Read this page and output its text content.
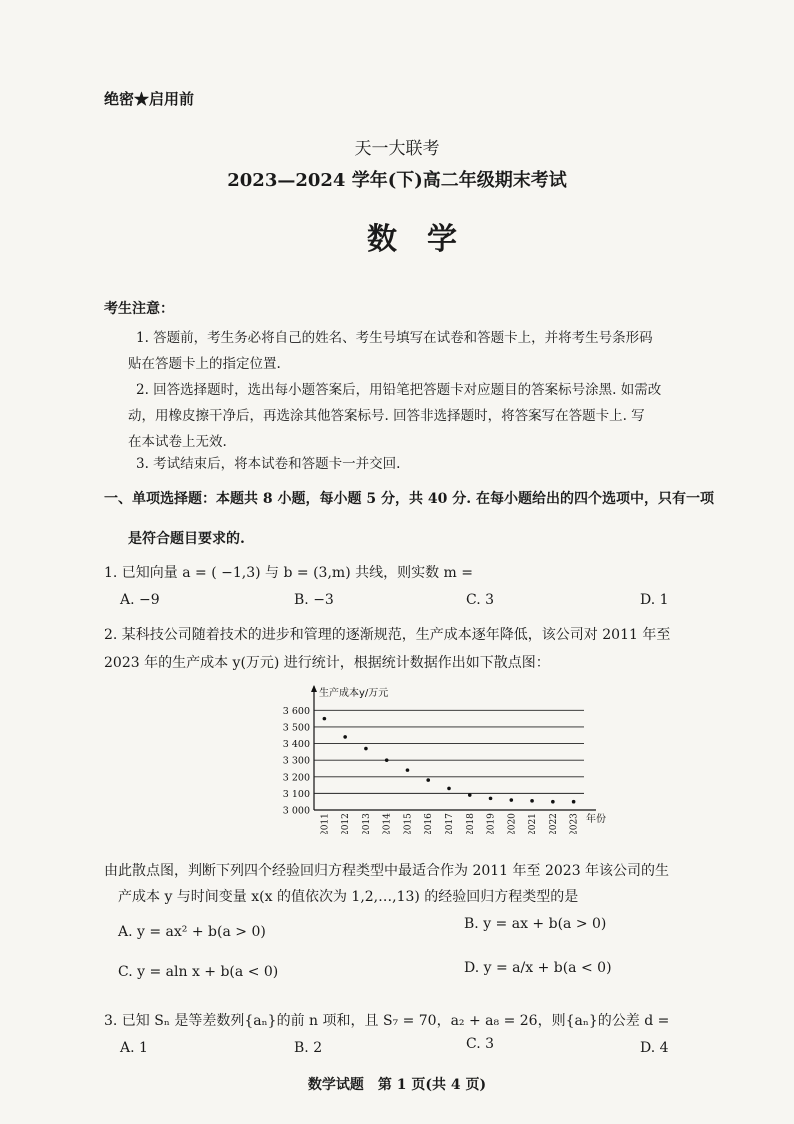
绝密★启用前
天一大联考
2023—2024 学年(下)高二年级期末考试
数学
考生注意：
1. 答题前，考生务必将自己的姓名、考生号填写在试卷和答题卡上，并将考生号条形码
贴在答题卡上的指定位置.
2. 回答选择题时，选出每小题答案后，用铅笔把答题卡对应题目的答案标号涂黑. 如需改
动，用橡皮擦干净后，再选涂其他答案标号. 回答非选择题时，将答案写在答题卡上. 写
在本试卷上无效.
3. 考试结束后，将本试卷和答题卡一并交回.
一、单项选择题：本题共 8 小题，每小题 5 分，共 40 分. 在每小题给出的四个选项中，只有一项
是符合题目要求的.
1. 已知向量 a = ( −1,3) 与 b = (3,m) 共线，则实数 m =
A. −9	B. −3	C. 3	D. 1
2. 某科技公司随着技术的进步和管理的逐渐规范，生产成本逐年降低，该公司对 2011 年至
2023 年的生产成本 y(万元) 进行统计，根据统计数据作出如下散点图：
3 000
3 100
3 200
3 300
3 400
3 500
3 600
生产成本y/万元
2011 2012 2013 2014 2015 2016 2017 2018 2019 2020 2021 2022 2023 年份
由此散点图，判断下列四个经验回归方程类型中最适合作为 2011 年至 2023 年该公司的生
产成本 y 与时间变量 x(x 的值依次为 1,2,…,13) 的经验回归方程类型的是
A. y = ax² + b(a > 0)	B. y = ax + b(a > 0)
C. y = aln x + b(a < 0)	D. y = a/x + b(a < 0)
3. 已知 Sₙ 是等差数列{aₙ}的前 n 项和，且 S₇ = 70，a₂ + a₈ = 26，则{aₙ}的公差 d =
A. 1	B. 2	C. 3	D. 4
数学试题　第 1 页(共 4 页)
